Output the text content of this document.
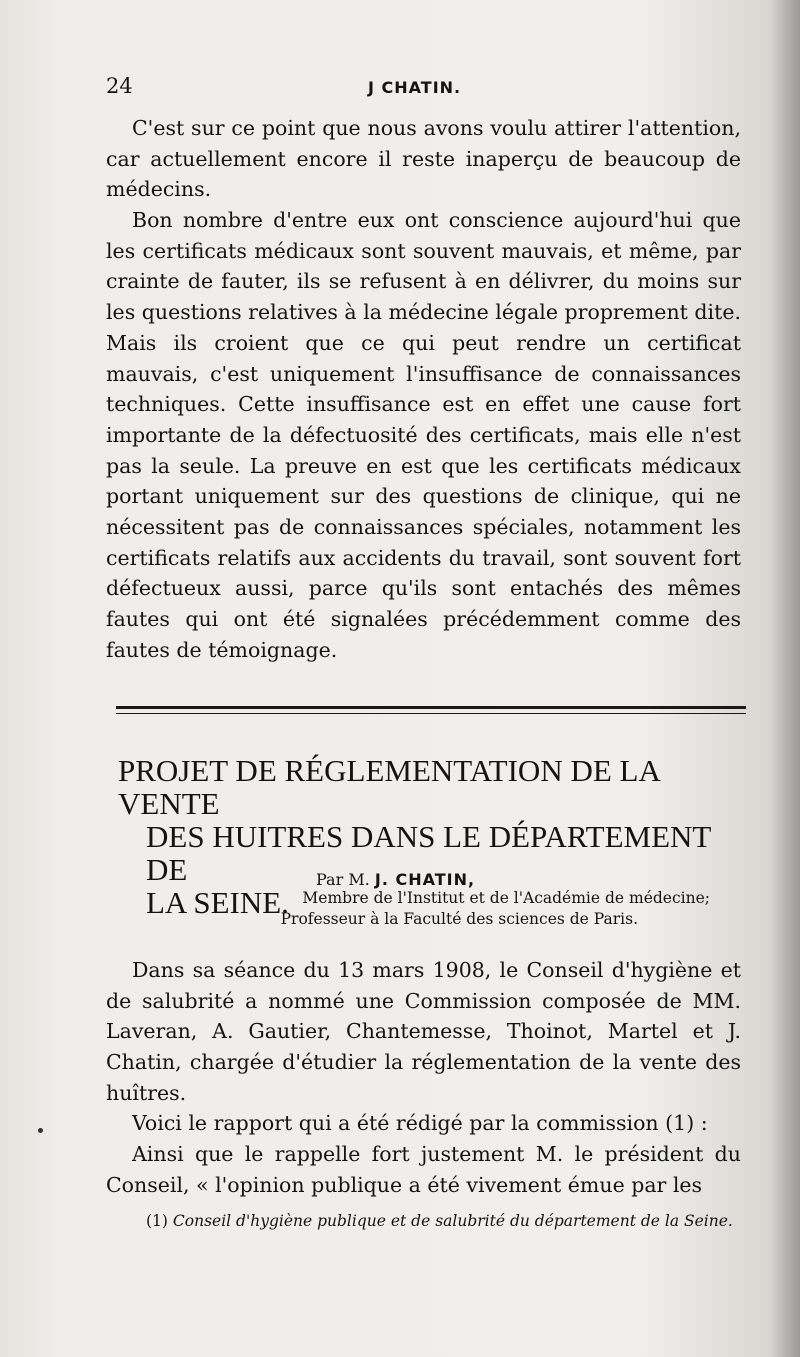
24	J CHATIN.

C'est sur ce point que nous avons voulu attirer l'attention, car actuellement encore il reste inaperçu de beaucoup de médecins.

Bon nombre d'entre eux ont conscience aujourd'hui que les certificats médicaux sont souvent mauvais, et même, par crainte de fauter, ils se refusent à en délivrer, du moins sur les questions relatives à la médecine légale proprement dite. Mais ils croient que ce qui peut rendre un certificat mauvais, c'est uniquement l'insuffisance de connaissances techniques. Cette insuffisance est en effet une cause fort importante de la défectuosité des certificats, mais elle n'est pas la seule. La preuve en est que les certificats médicaux portant uniquement sur des questions de clinique, qui ne nécessitent pas de connaissances spéciales, notamment les certificats relatifs aux accidents du travail, sont souvent fort défectueux aussi, parce qu'ils sont entachés des mêmes fautes qui ont été signalées précédemment comme des fautes de témoignage.

PROJET DE RÉGLEMENTATION DE LA VENTE
DES HUITRES DANS LE DÉPARTEMENT DE
LA SEINE.
Par M. J. CHATIN,
Membre de l'Institut et de l'Académie de médecine;
Professeur à la Faculté des sciences de Paris.

Dans sa séance du 13 mars 1908, le Conseil d'hygiène et de salubrité a nommé une Commission composée de MM. Laveran, A. Gautier, Chantemesse, Thoinot, Martel et J. Chatin, chargée d'étudier la réglementation de la vente des huîtres.

Voici le rapport qui a été rédigé par la commission (1) :

Ainsi que le rappelle fort justement M. le président du Conseil, « l'opinion publique a été vivement émue par les

(1) Conseil d'hygiène publique et de salubrité du département de la Seine.
